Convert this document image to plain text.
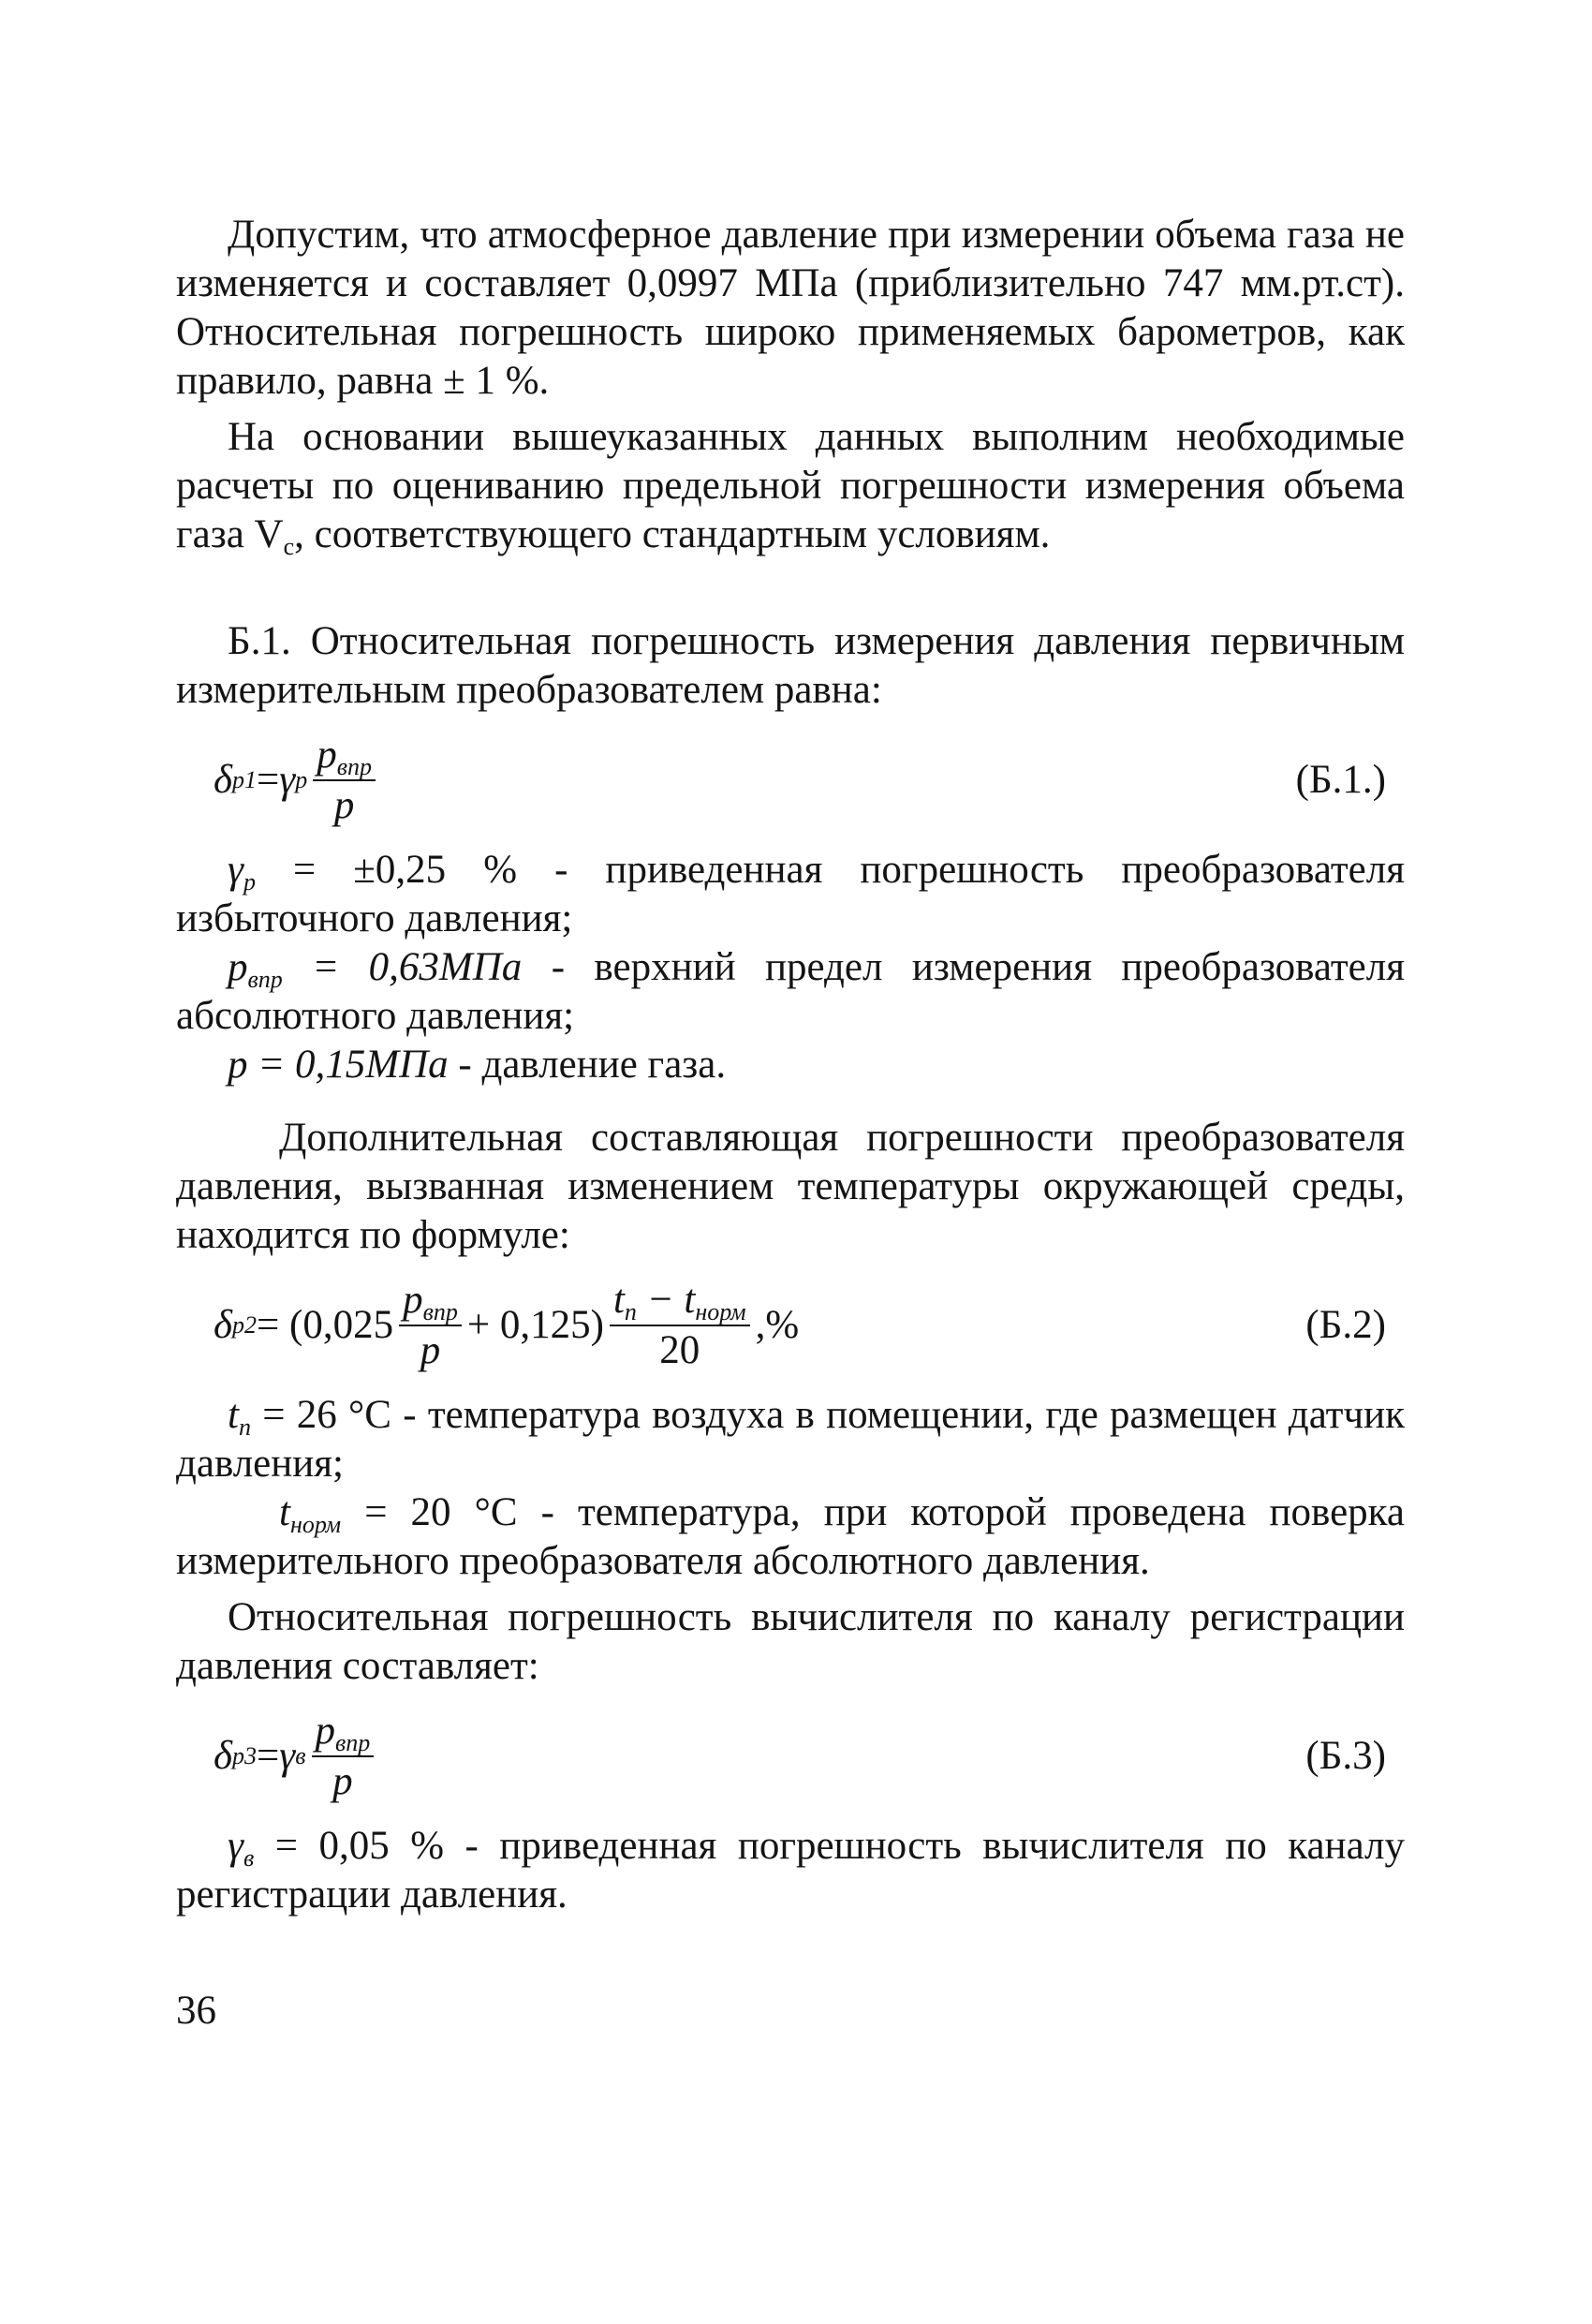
Допустим, что атмосферное давление при измерении объема газа не изменяется и составляет 0,0997 МПа (приблизительно 747 мм.рт.ст). Относительная погрешность широко применяемых барометров, как правило, равна ± 1 %.

На основании вышеуказанных данных выполним необходимые расчеты по оцениванию предельной погрешности измерения объема газа $V_с$, соответствующего стандартным условиям.

Б.1. Относительная погрешность измерения давления первичным измерительным преобразователем равна:

δ p1 = γ p $\frac{p_{впр}}{p}$	(Б.1.)

$\gamma_p = \pm 0,25$ % - приведенная погрешность преобразователя избыточного давления;

$p_{впр} = 0,63МПа$ - верхний предел измерения преобразователя абсолютного давления;

p = 0,15МПа - давление газа.

Дополнительная составляющая погрешности преобразователя давления, вызванная изменением температуры окружающей среды, находится по формуле:

δ $p2 = (0,025 \frac{p_{впр}}{p} + 0,125) \frac{t_п - t_{норм}}{20}$ ,%	(Б.2)

$t_п = 26$ °C - температура воздуха в помещении, где размещен датчик давления;

$t_{норм} = 20$ °C - температура, при которой проведена поверка измерительного преобразователя абсолютного давления.

Относительная погрешность вычислителя по каналу регистрации давления составляет:

δ p3 = γ в $\frac{p_{впр}}{p}$	(Б.3)

$\gamma_в = 0,05$ % - приведенная погрешность вычислителя по каналу регистрации давления.

36
